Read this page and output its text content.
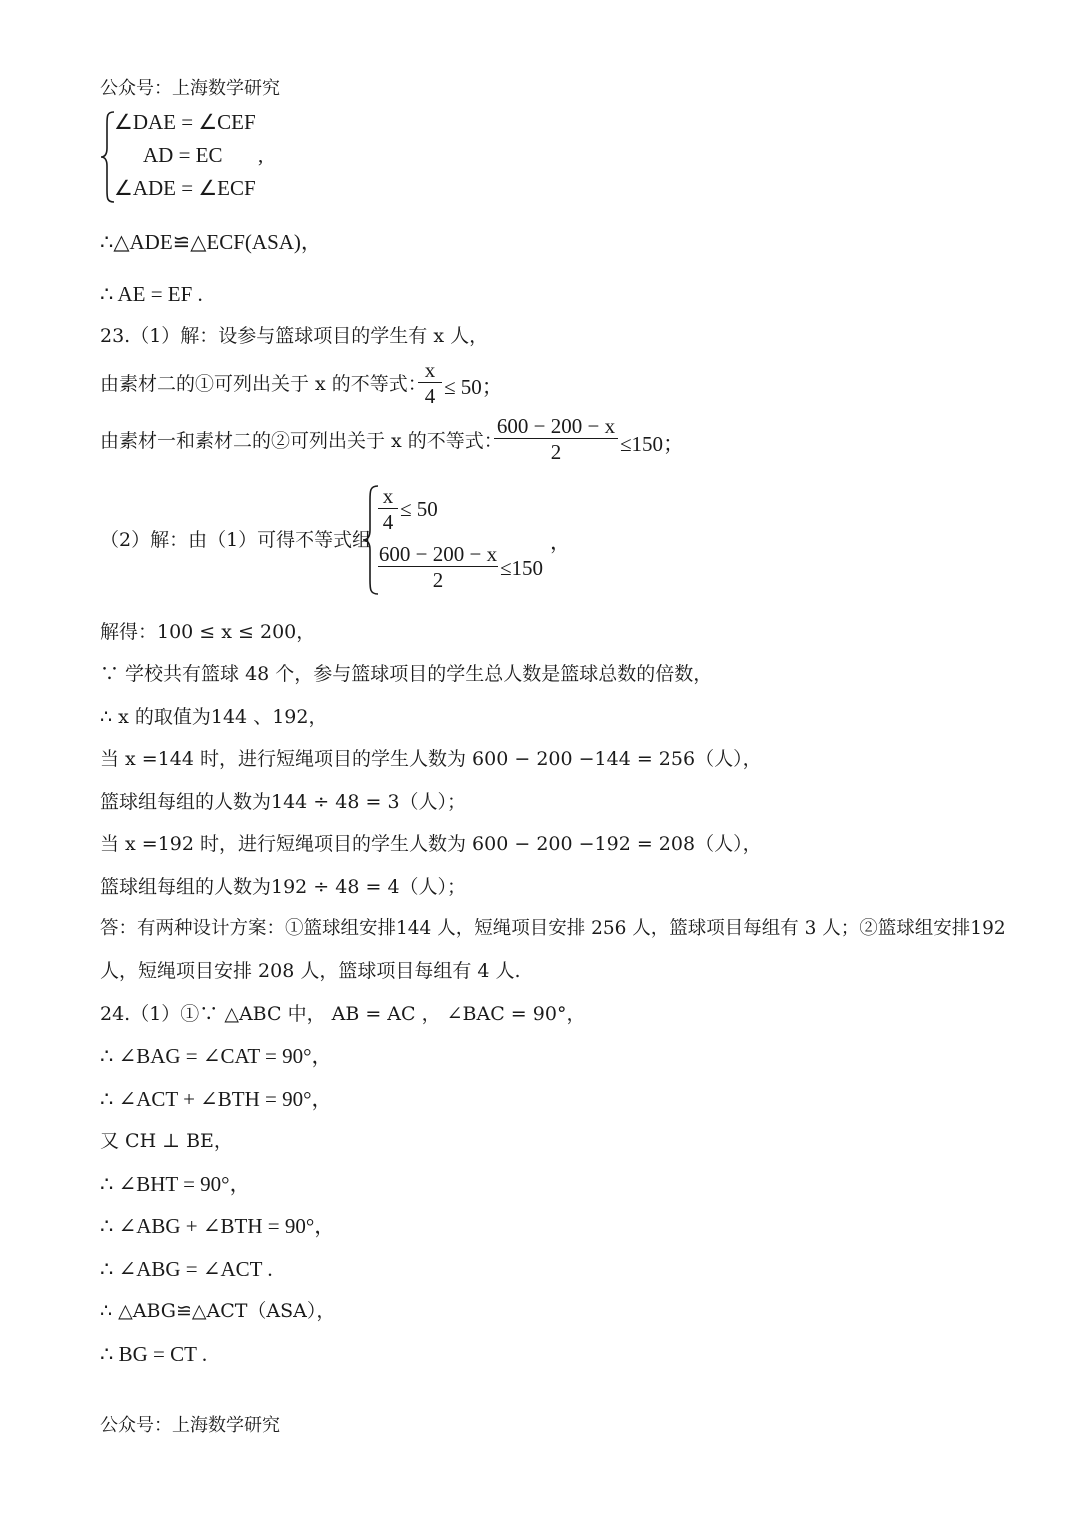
公众号：上海数学研究
∠DAE = ∠CEF
AD = EC
∠ADE = ∠ECF
,
∴△ADE≌△ECF(ASA)，
∴ AE = EF .
23.（1）解：设参与篮球项目的学生有 x 人，
由素材二的①可列出关于 x 的不等式：
x
4 ≤ 50；
由素材一和素材二的②可列出关于 x 的不等式：
600 − 200 − x
2	≤150；
（2）解：由（1）可得不等式组
x
4
≤ 50
600 − 200 − x
2	≤150
，
解得：100 ≤ x ≤ 200，
∵ 学校共有篮球 48 个，参与篮球项目的学生总人数是篮球总数的倍数，
∴ x 的取值为144 、192，
当 x =144 时，进行短绳项目的学生人数为 600 − 200 −144 = 256（人），
篮球组每组的人数为144 ÷ 48 = 3（人）；
当 x =192 时，进行短绳项目的学生人数为 600 − 200 −192 = 208（人），
篮球组每组的人数为192 ÷ 48 = 4（人）；
答：有两种设计方案：①篮球组安排144 人，短绳项目安排 256 人，篮球项目每组有 3 人；②篮球组安排192
人，短绳项目安排 208 人，篮球项目每组有 4 人.
24.（1）①∵ △ABC 中， AB = AC ， ∠BAC = 90°，
∴ ∠BAG = ∠CAT = 90°，
∴ ∠ACT + ∠BTH = 90°，
又 CH ⊥ BE，
∴ ∠BHT = 90°，
∴ ∠ABG + ∠BTH = 90°，
∴ ∠ABG = ∠ACT .
∴ △ABG≌△ACT（ASA），
∴ BG = CT .
公众号：上海数学研究
